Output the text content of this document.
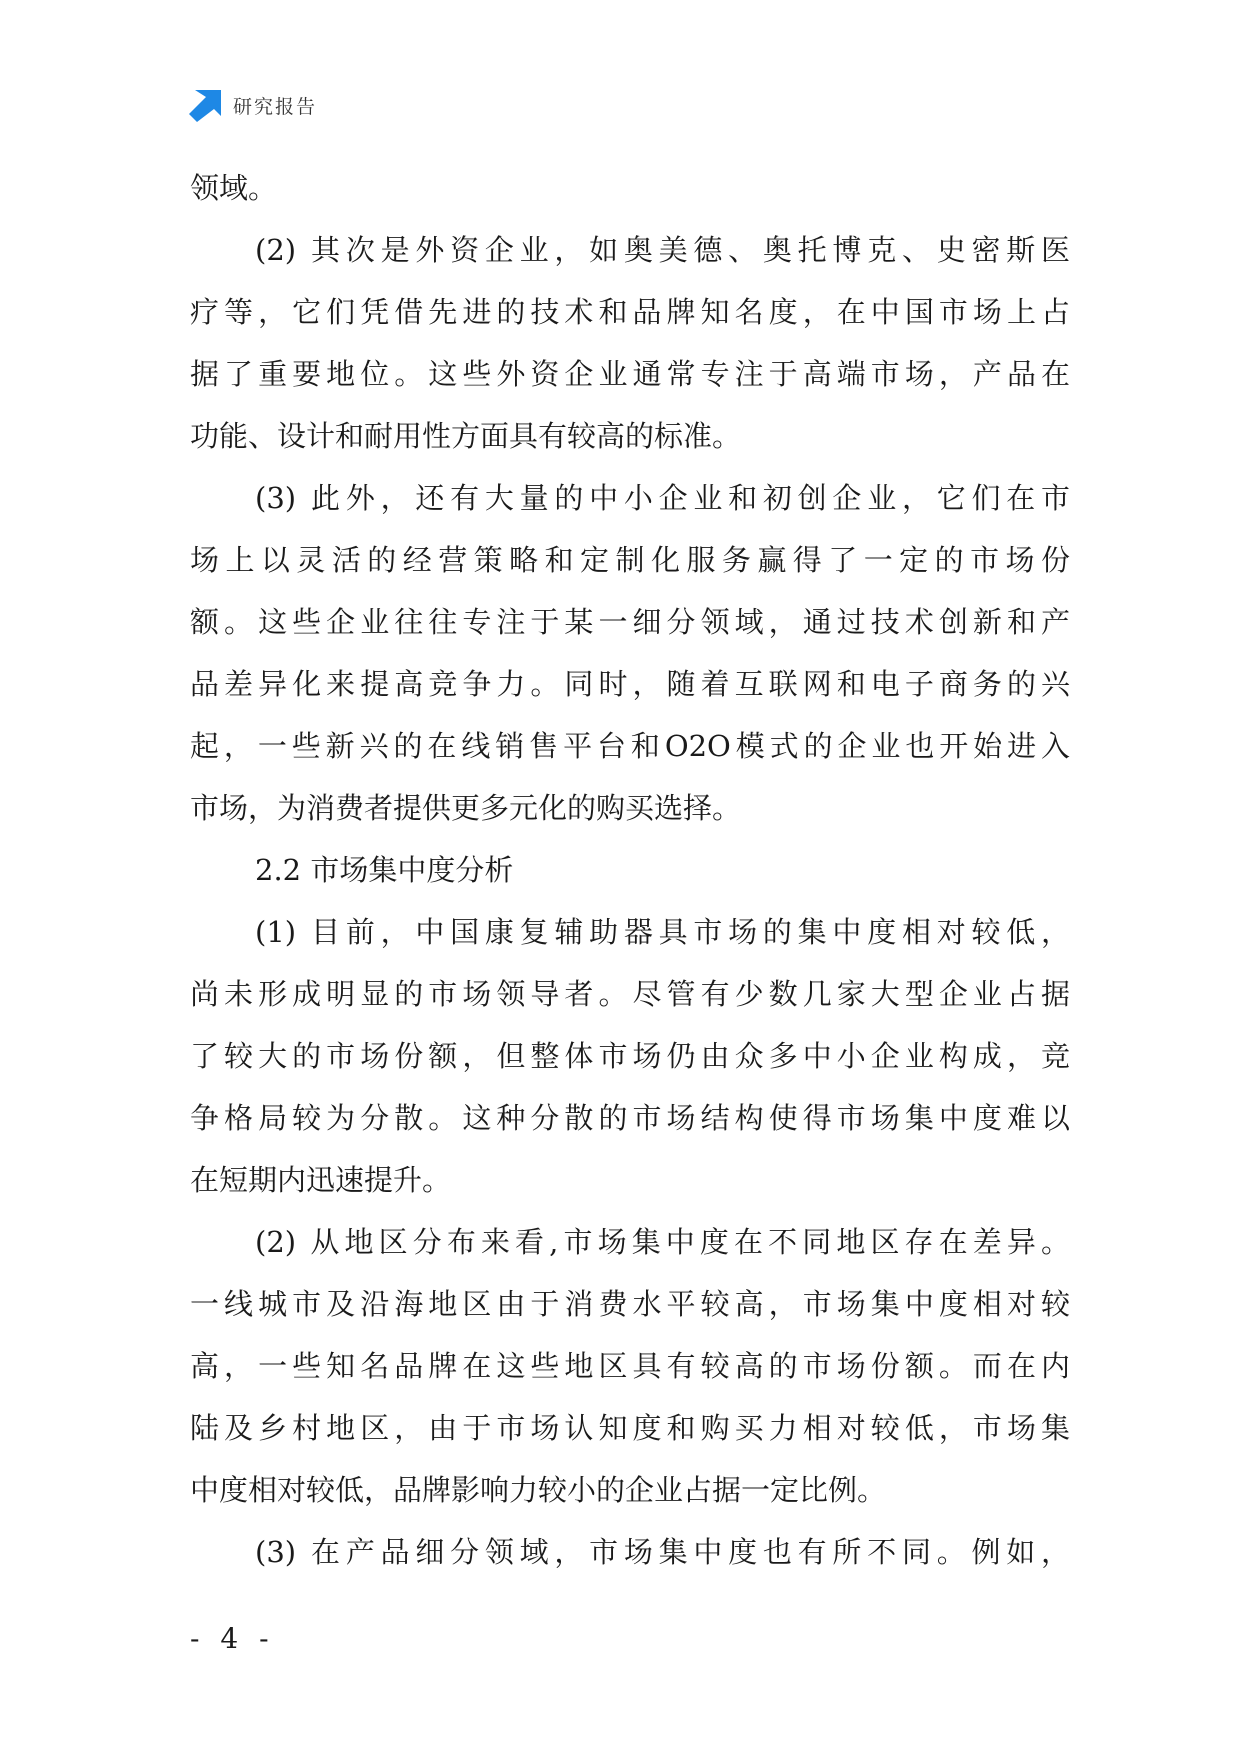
研究报告
领域。
(2) 其次是外资企业，如奥美德、奥托博克、史密斯医
疗等，它们凭借先进的技术和品牌知名度，在中国市场上占
据了重要地位。这些外资企业通常专注于高端市场，产品在
功能、设计和耐用性方面具有较高的标准。
(3) 此外，还有大量的中小企业和初创企业，它们在市
场上以灵活的经营策略和定制化服务赢得了一定的市场份
额。这些企业往往专注于某一细分领域，通过技术创新和产
品差异化来提高竞争力。同时，随着互联网和电子商务的兴
起，一些新兴的在线销售平台和O2O模式的企业也开始进入
市场，为消费者提供更多元化的购买选择。
2.2 市场集中度分析
(1) 目前，中国康复辅助器具市场的集中度相对较低，
尚未形成明显的市场领导者。尽管有少数几家大型企业占据
了较大的市场份额，但整体市场仍由众多中小企业构成，竞
争格局较为分散。这种分散的市场结构使得市场集中度难以
在短期内迅速提升。
(2) 从地区分布来看,市场集中度在不同地区存在差异。
一线城市及沿海地区由于消费水平较高，市场集中度相对较
高，一些知名品牌在这些地区具有较高的市场份额。而在内
陆及乡村地区，由于市场认知度和购买力相对较低，市场集
中度相对较低，品牌影响力较小的企业占据一定比例。
(3) 在产品细分领域，市场集中度也有所不同。例如，
- 4 -
